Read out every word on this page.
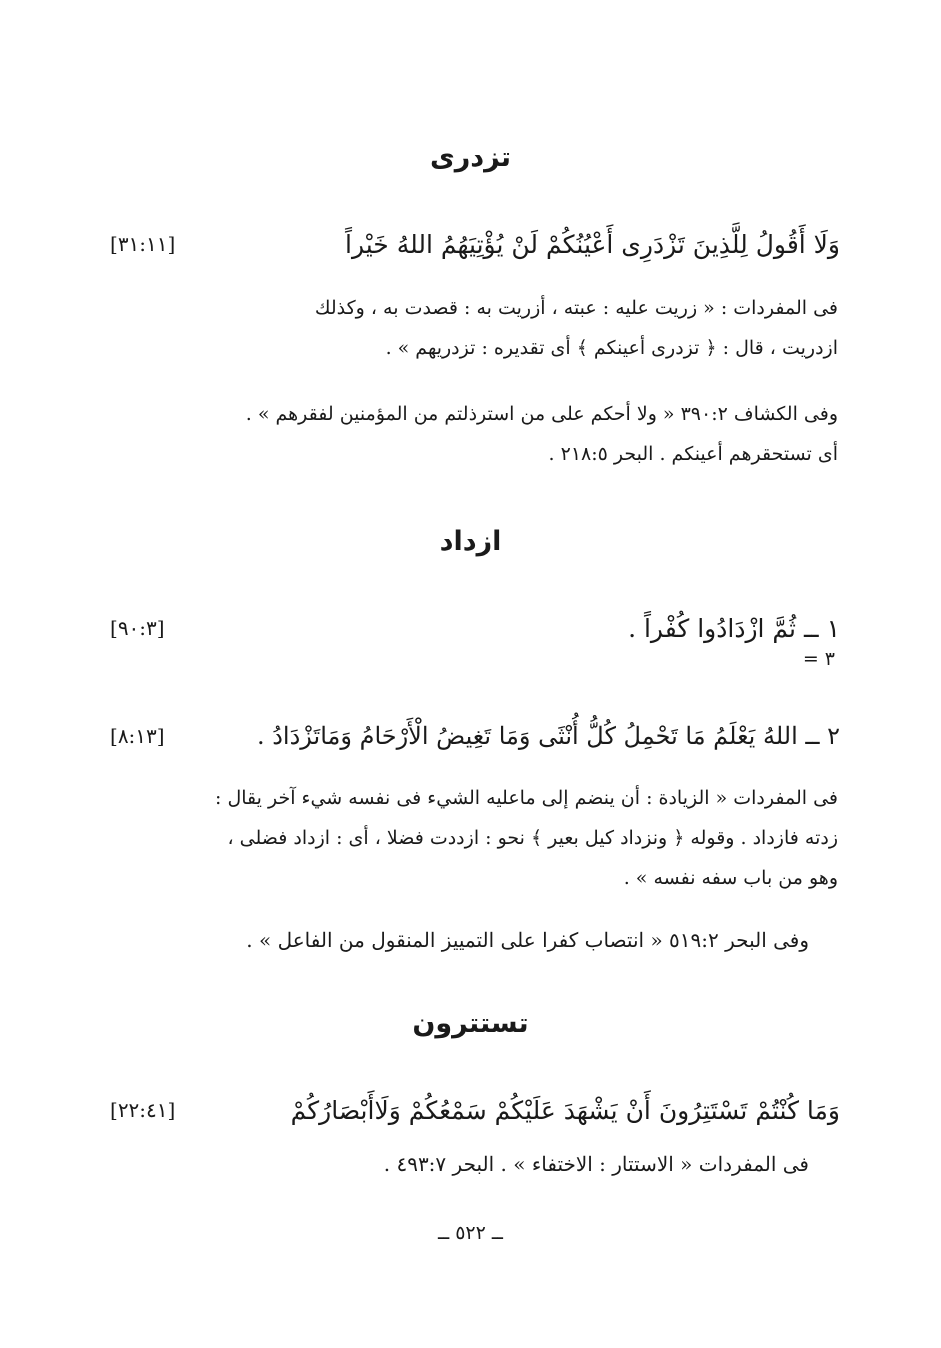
تزدرى
[٣١:١١]	وَلَا أَقُولُ لِلَّذِينَ تَزْدَرِى أَعْيُنُكُمْ لَنْ يُؤْتِيَهُمُ اللهُ خَيْراً
فى المفردات : « زريت عليه : عبته ، أزريت به : قصدت به ، وكذلك
ازدريت ، قال : ﴿ تزدرى أعينكم ﴾ أى تقديره : تزدريهم » .
وفى الكشاف ٣٩٠:٢ « ولا أحكم على من استرذلتم من المؤمنين لفقرهم » .
أى تستحقرهم أعينكم . البحر ٢١٨:٥ .
ازداد
[٩٠:٣]	١ ــ ثُمَّ ازْدَادُوا كُفْراً .
٣ =
[٨:١٣]	٢ ــ اللهُ يَعْلَمُ مَا تَحْمِلُ كُلُّ أُنْثَى وَمَا تَغِيضُ الْأَرْحَامُ وَمَاتَزْدَادُ .
فى المفردات « الزيادة : أن ينضم إلى ماعليه الشيء فى نفسه شيء آخر يقال :
زدته فازداد . وقوله ﴿ ونزداد كيل بعير ﴾ نحو : ازددت فضلا ، أى : ازداد فضلى ،
وهو من باب سفه نفسه » .
وفى البحر ٥١٩:٢ « انتصاب كفرا على التمييز المنقول من الفاعل » .
تستترون
[٢٢:٤١]	وَمَا كُنْتُمْ تَسْتَتِرُونَ أَنْ يَشْهَدَ عَلَيْكُمْ سَمْعُكُمْ وَلَاأَبْصَارُكُمْ
فى المفردات « الاستتار : الاختفاء » . البحر ٤٩٣:٧ .
ــ ٥٢٢ ــ
